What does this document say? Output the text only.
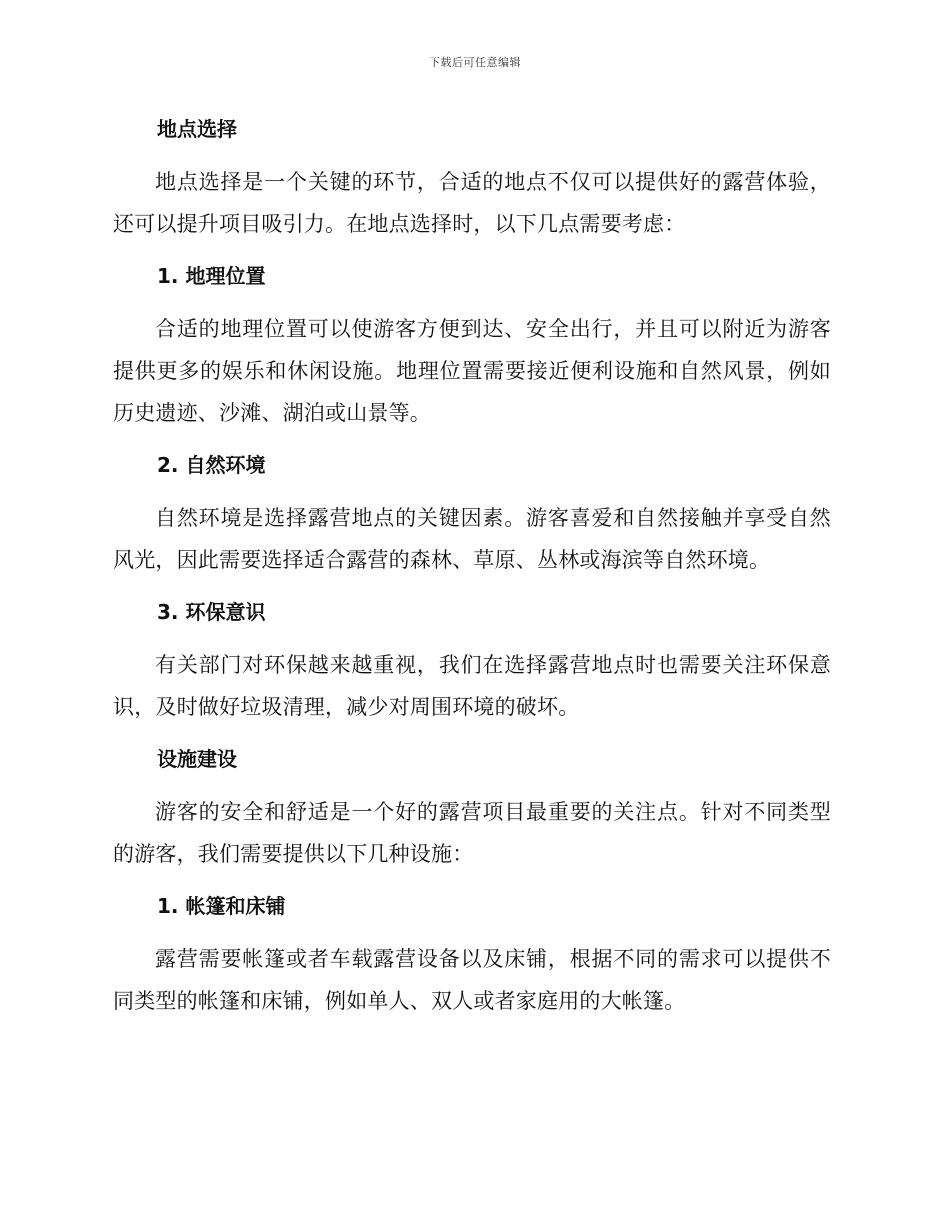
下载后可任意编辑
地点选择

地点选择是一个关键的环节，合适的地点不仅可以提供好的露营体验，还可以提升项目吸引力。在地点选择时，以下几点需要考虑：

1. 地理位置

合适的地理位置可以使游客方便到达、安全出行，并且可以附近为游客提供更多的娱乐和休闲设施。地理位置需要接近便利设施和自然风景，例如历史遗迹、沙滩、湖泊或山景等。

2. 自然环境

自然环境是选择露营地点的关键因素。游客喜爱和自然接触并享受自然风光，因此需要选择适合露营的森林、草原、丛林或海滨等自然环境。

3. 环保意识

有关部门对环保越来越重视，我们在选择露营地点时也需要关注环保意识，及时做好垃圾清理，减少对周围环境的破坏。

设施建设

游客的安全和舒适是一个好的露营项目最重要的关注点。针对不同类型的游客，我们需要提供以下几种设施：

1. 帐篷和床铺

露营需要帐篷或者车载露营设备以及床铺，根据不同的需求可以提供不同类型的帐篷和床铺，例如单人、双人或者家庭用的大帐篷。
